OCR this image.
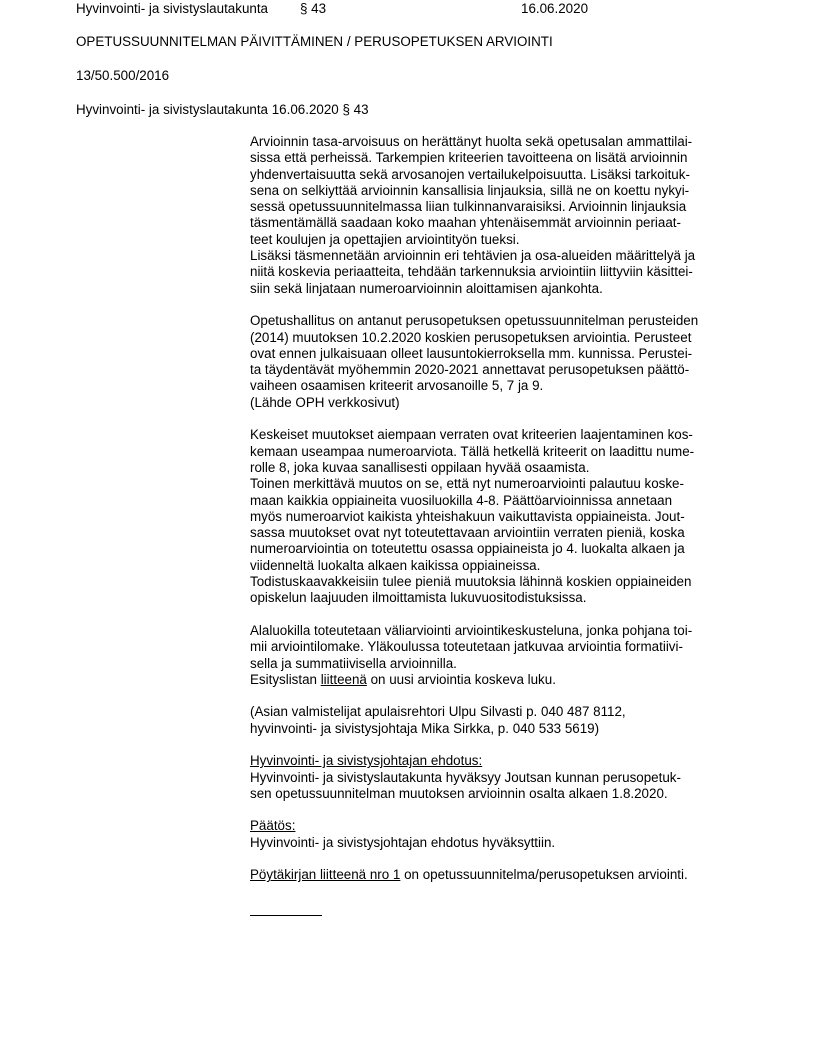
Hyvinvointi- ja sivistyslautakunta § 43	16.06.2020
OPETUSSUUNNITELMAN PÄIVITTÄMINEN / PERUSOPETUKSEN ARVIOINTI
13/50.500/2016
Hyvinvointi- ja sivistyslautakunta 16.06.2020 § 43
Arvioinnin tasa-arvoisuus on herättänyt huolta sekä opetusalan ammattilai-
sissa että perheissä. Tarkempien kriteerien tavoitteena on lisätä arvioinnin
yhdenvertaisuutta sekä arvosanojen vertailukelpoisuutta. Lisäksi tarkoituk-
sena on selkiyttää arvioinnin kansallisia linjauksia, sillä ne on koettu nykyi-
sessä opetussuunnitelmassa liian tulkinnanvaraisiksi. Arvioinnin linjauksia
täsmentämällä saadaan koko maahan yhtenäisemmät arvioinnin periaat-
teet koulujen ja opettajien arviointityön tueksi.
Lisäksi täsmennetään arvioinnin eri tehtävien ja osa-alueiden määrittelyä ja
niitä koskevia periaatteita, tehdään tarkennuksia arviointiin liittyviin käsittei-
siin sekä linjataan numeroarvioinnin aloittamisen ajankohta.
Opetushallitus on antanut perusopetuksen opetussuunnitelman perusteiden
(2014) muutoksen 10.2.2020 koskien perusopetuksen arviointia. Perusteet
ovat ennen julkaisuaan olleet lausuntokierroksella mm. kunnissa. Perustei-
ta täydentävät myöhemmin 2020-2021 annettavat perusopetuksen päättö-
vaiheen osaamisen kriteerit arvosanoille 5, 7 ja 9.
(Lähde OPH verkkosivut)
Keskeiset muutokset aiempaan verraten ovat kriteerien laajentaminen kos-
kemaan useampaa numeroarviota. Tällä hetkellä kriteerit on laadittu nume-
rolle 8, joka kuvaa sanallisesti oppilaan hyvää osaamista.
Toinen merkittävä muutos on se, että nyt numeroarviointi palautuu koske-
maan kaikkia oppiaineita vuosiluokilla 4-8. Päättöarvioinnissa annetaan
myös numeroarviot kaikista yhteishakuun vaikuttavista oppiaineista. Jout-
sassa muutokset ovat nyt toteutettavaan arviointiin verraten pieniä, koska
numeroarviointia on toteutettu osassa oppiaineista jo 4. luokalta alkaen ja
viidenneltä luokalta alkaen kaikissa oppiaineissa.
Todistuskaavakkeisiin tulee pieniä muutoksia lähinnä koskien oppiaineiden
opiskelun laajuuden ilmoittamista lukuvuositodistuksissa.
Alaluokilla toteutetaan väliarviointi arviointikeskusteluna, jonka pohjana toi-
mii arviointilomake. Yläkoulussa toteutetaan jatkuvaa arviointia formatiivi-
sella ja summatiivisella arvioinnilla.
Esityslistan liitteenä on uusi arviointia koskeva luku.
(Asian valmistelijat apulaisrehtori Ulpu Silvasti p. 040 487 8112,
hyvinvointi- ja sivistysjohtaja Mika Sirkka, p. 040 533 5619)
Hyvinvointi- ja sivistysjohtajan ehdotus:
Hyvinvointi- ja sivistyslautakunta hyväksyy Joutsan kunnan perusopetuk-
sen opetussuunnitelman muutoksen arvioinnin osalta alkaen 1.8.2020.
Päätös:
Hyvinvointi- ja sivistysjohtajan ehdotus hyväksyttiin.
Pöytäkirjan liitteenä nro 1 on opetussuunnitelma/perusopetuksen arviointi.
